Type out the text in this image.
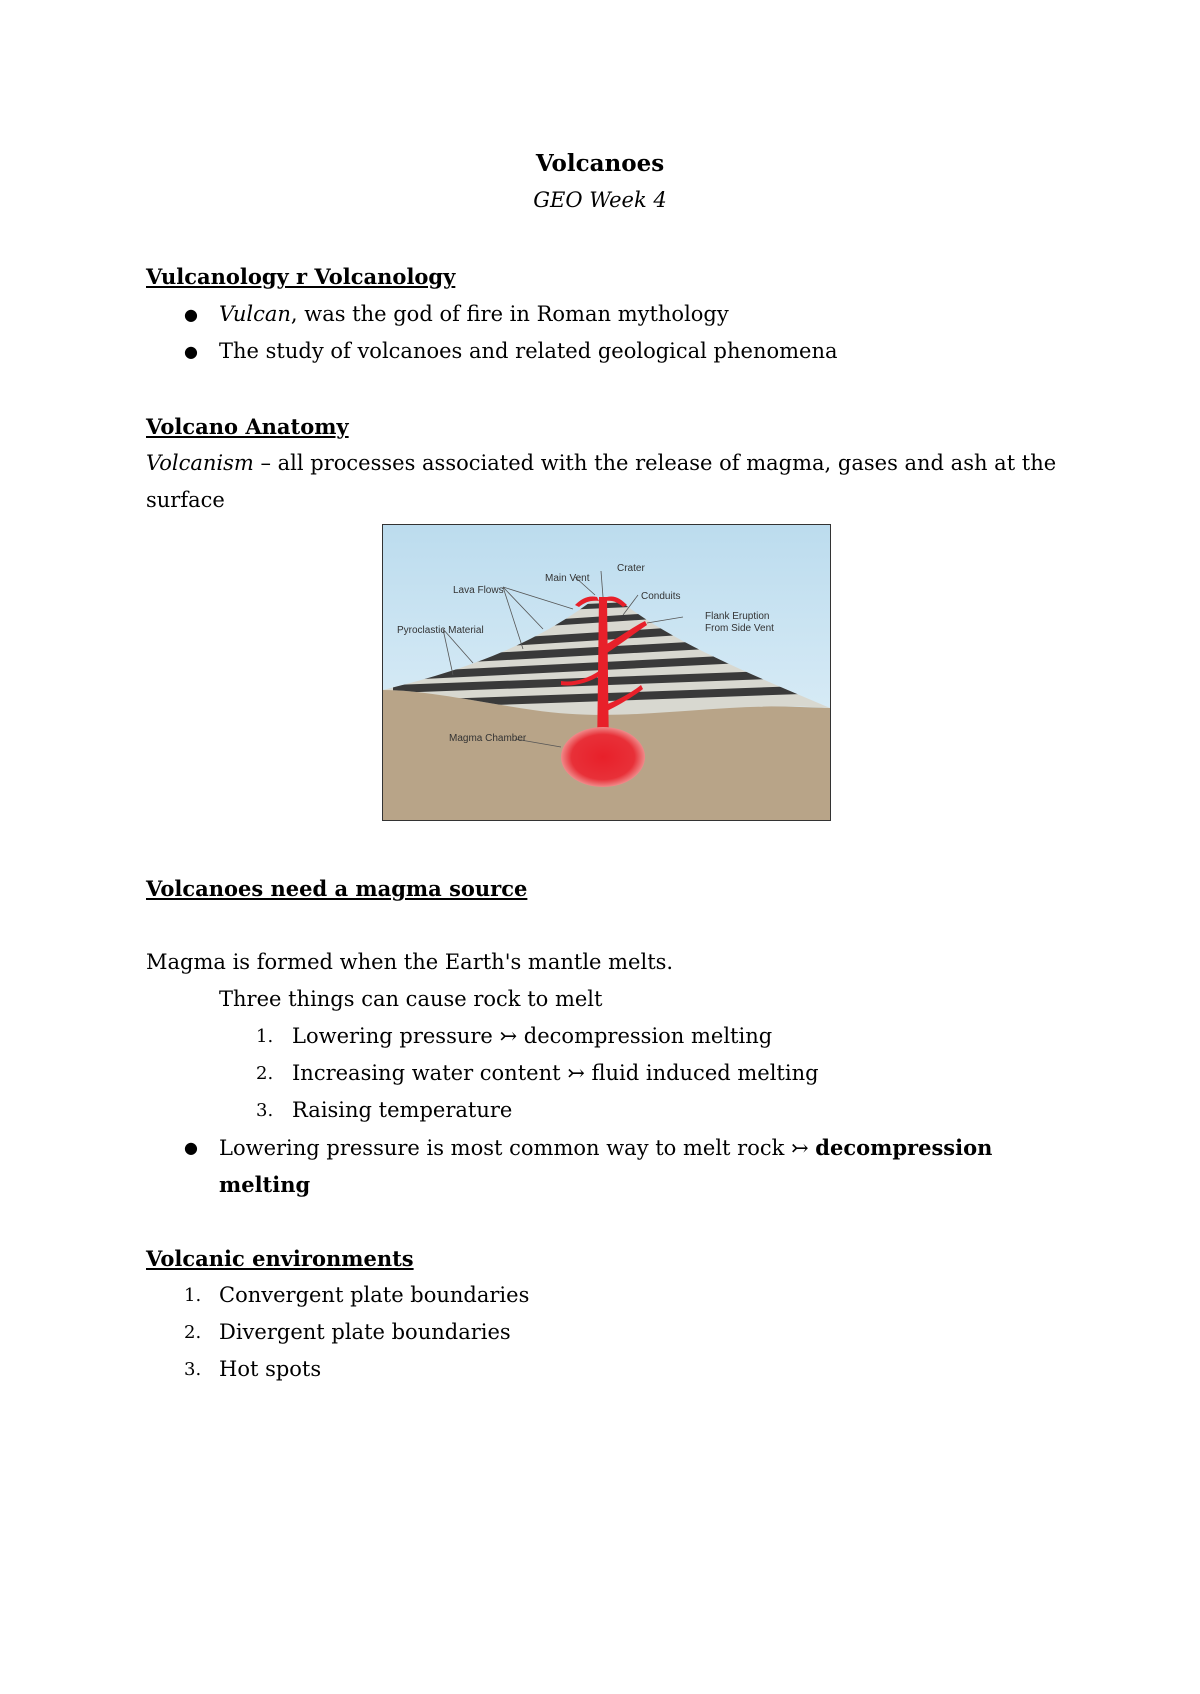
Volcanoes
GEO Week 4
Vulcanology r Volcanology
● Vulcan, was the god of fire in Roman mythology
● The study of volcanoes and related geological phenomena
Volcano Anatomy
Volcanism – all processes associated with the release of magma, gases and ash at the
surface
Crater
Main Vent
Conduits
Lava Flows
Flank Eruption
From Side Vent
Pyroclastic Material
Magma Chamber
Volcanoes need a magma source
Magma is formed when the Earth's mantle melts.
Three things can cause rock to melt
1. Lowering pressure ↣ decompression melting
2. Increasing water content ↣ fluid induced melting
3. Raising temperature
● Lowering pressure is most common way to melt rock ↣ decompression
melting
Volcanic environments
1. Convergent plate boundaries
2. Divergent plate boundaries
3. Hot spots
